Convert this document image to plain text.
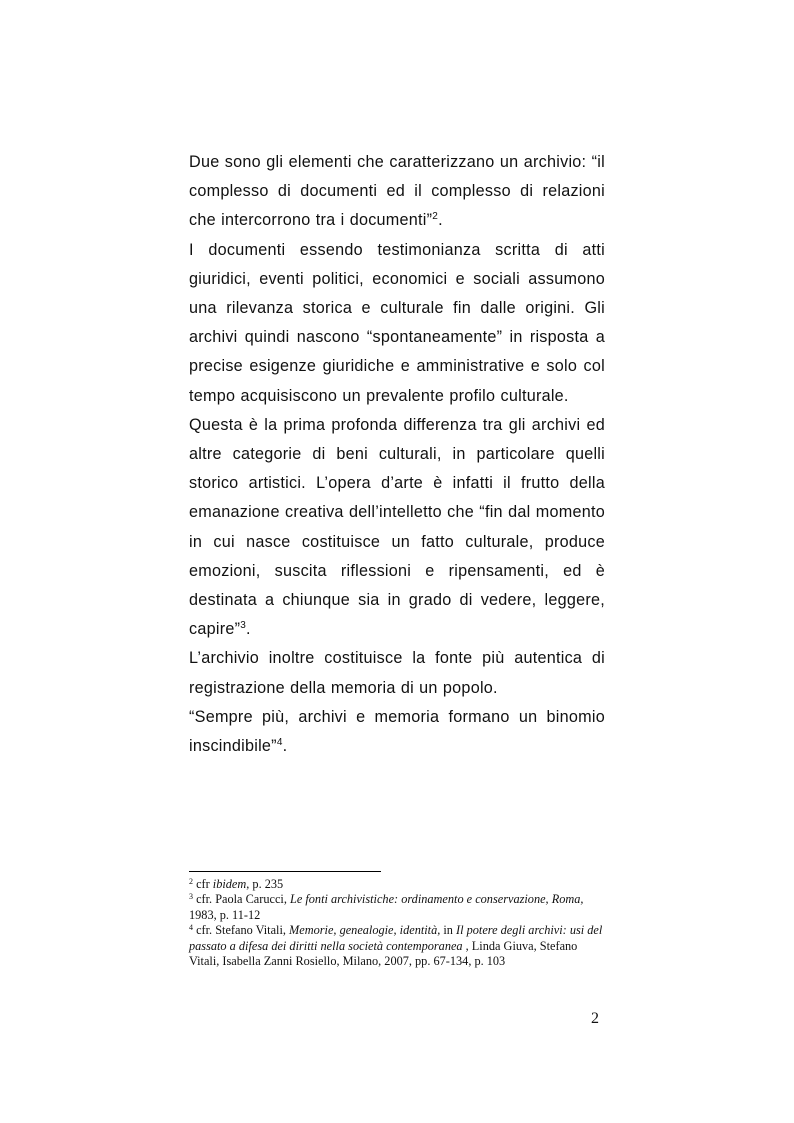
Due sono gli elementi che caratterizzano un archivio: “il complesso di documenti ed il complesso di relazioni che intercorrono tra i documenti”$^2$.

I documenti essendo testimonianza scritta di atti giuridici, eventi politici, economici e sociali assumono una rilevanza storica e culturale fin dalle origini. Gli archivi quindi nascono “spontaneamente” in risposta a precise esigenze giuridiche e amministrative e solo col tempo acquisiscono un prevalente profilo culturale.

Questa è la prima profonda differenza tra gli archivi ed altre categorie di beni culturali, in particolare quelli storico artistici. L’opera d’arte è infatti il frutto della emanazione creativa dell’intelletto che “fin dal momento in cui nasce costituisce un fatto culturale, produce emozioni, suscita riflessioni e ripensamenti, ed è destinata a chiunque sia in grado di vedere, leggere, capire”$^3$.

L’archivio inoltre costituisce la fonte più autentica di registrazione della memoria di un popolo.

“Sempre più, archivi e memoria formano un binomio inscindibile”$^4$.

$^2$ cfr ibidem, p. 235

$^3$ cfr. Paola Carucci, Le fonti archivistiche: ordinamento e conservazione, Roma, 1983, p. 11-12

$^4$ cfr. Stefano Vitali, Memorie, genealogie, identità, in Il potere degli archivi: usi del passato a difesa dei diritti nella società contemporanea , Linda Giuva, Stefano Vitali, Isabella Zanni Rosiello, Milano, 2007, pp. 67-134, p. 103

2
